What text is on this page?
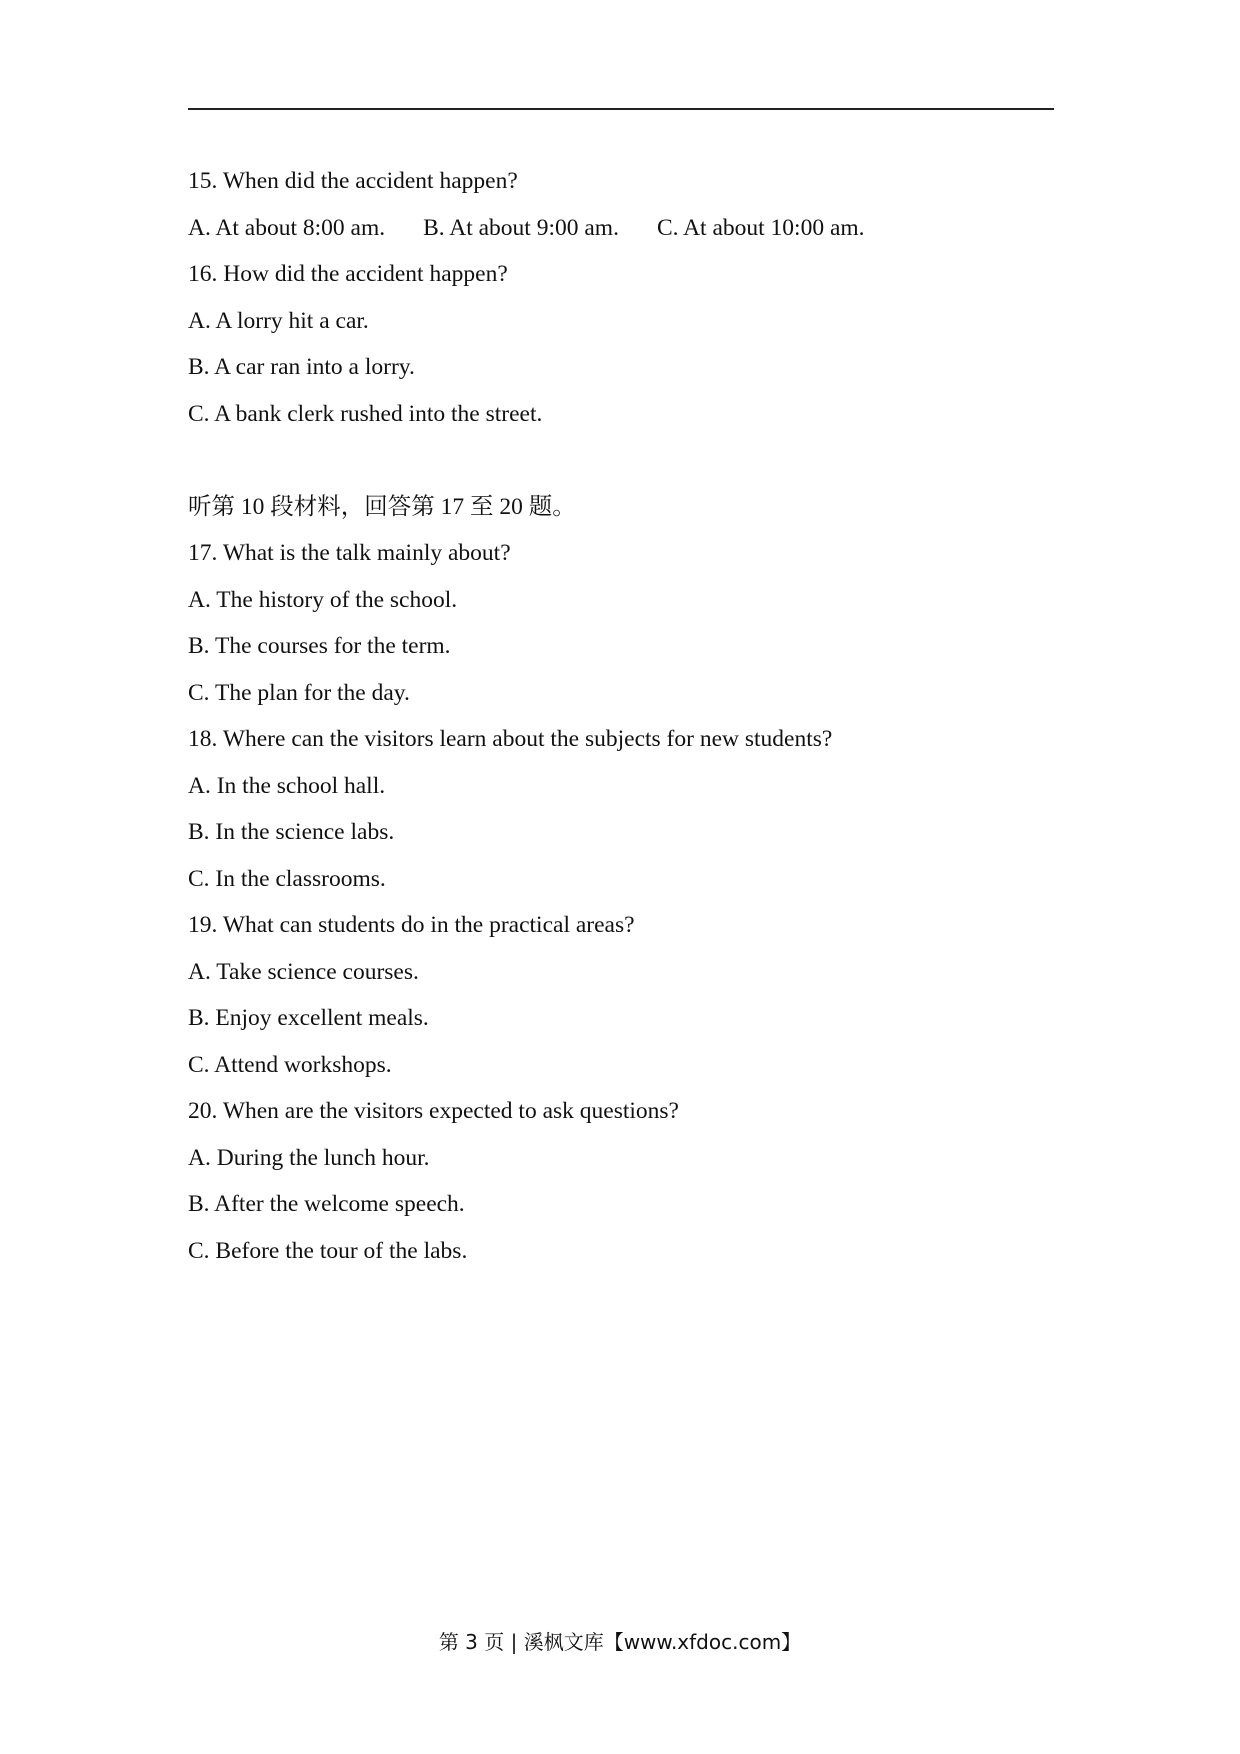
15. When did the accident happen?
A. At about 8:00 am. B. At about 9:00 am. C. At about 10:00 am.
16. How did the accident happen?
A. A lorry hit a car.
B. A car ran into a lorry.
C. A bank clerk rushed into the street.
听第 10 段材料，回答第 17 至 20 题。
17. What is the talk mainly about?
A. The history of the school.
B. The courses for the term.
C. The plan for the day.
18. Where can the visitors learn about the subjects for new students?
A. In the school hall.
B. In the science labs.
C. In the classrooms.
19. What can students do in the practical areas?
A. Take science courses.
B. Enjoy excellent meals.
C. Attend workshops.
20. When are the visitors expected to ask questions?
A. During the lunch hour.
B. After the welcome speech.
C. Before the tour of the labs.
第 3 页 | 溪枫文库【www.xfdoc.com】
